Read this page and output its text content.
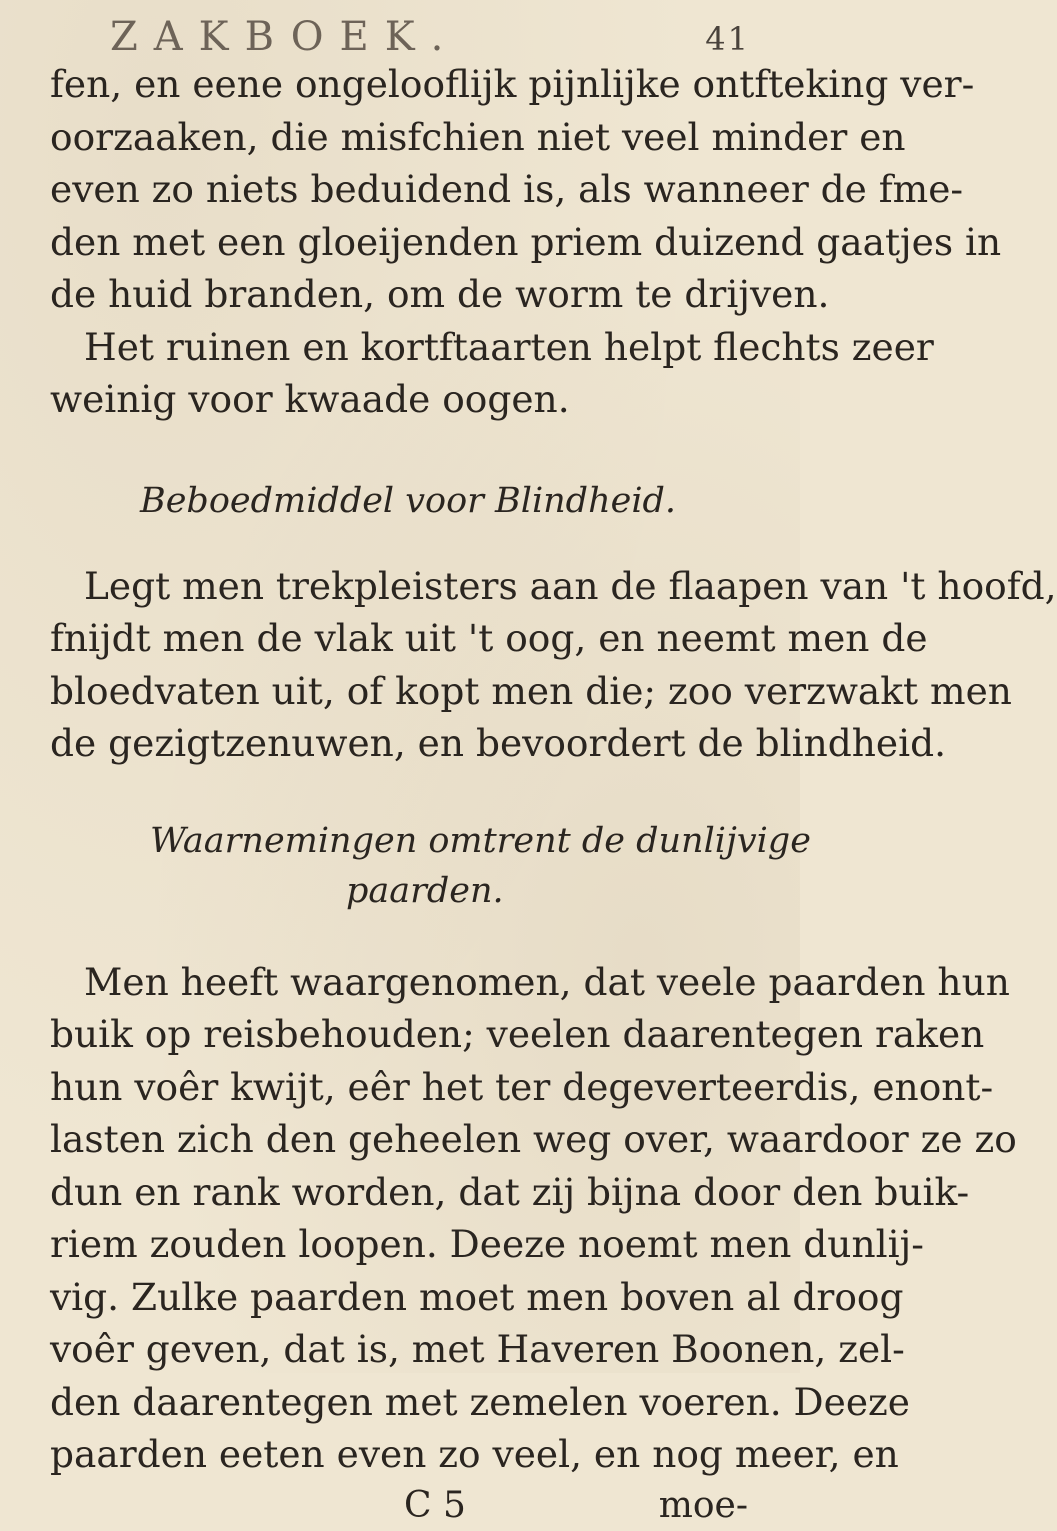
ZAKBOEK.	41

fen, en eene ongelooflijk pijnlijke ontfteking ver-
oorzaaken, die misfchien niet veel minder en
even zo niets beduidend is, als wanneer de fme-
den met een gloeijenden priem duizend gaatjes in
de huid branden, om de worm te drijven.
Het ruinen en kortftaarten helpt flechts zeer
weinig voor kwaade oogen.

Beboedmiddel voor Blindheid.

Legt men trekpleisters aan de flaapen van 't hoofd,
fnijdt men de vlak uit 't oog, en neemt men de
bloedvaten uit, of kopt men die; zoo verzwakt men
de gezigtzenuwen, en bevoordert de blindheid.

Waarnemingen omtrent de dunlijvige

paarden.

Men heeft waargenomen, dat veele paarden hun
buik op reisbehouden; veelen daarentegen raken
hun voêr kwijt, eêr het ter degeverteerdis, enont-
lasten zich den geheelen weg over, waardoor ze zo
dun en rank worden, dat zij bijna door den buik-
riem zouden loopen. Deeze noemt men dunlij-
vig. Zulke paarden moet men boven al droog
voêr geven, dat is, met Haveren Boonen, zel-
den daarentegen met zemelen voeren. Deeze
paarden eeten even zo veel, en nog meer, en

C 5	moe-
